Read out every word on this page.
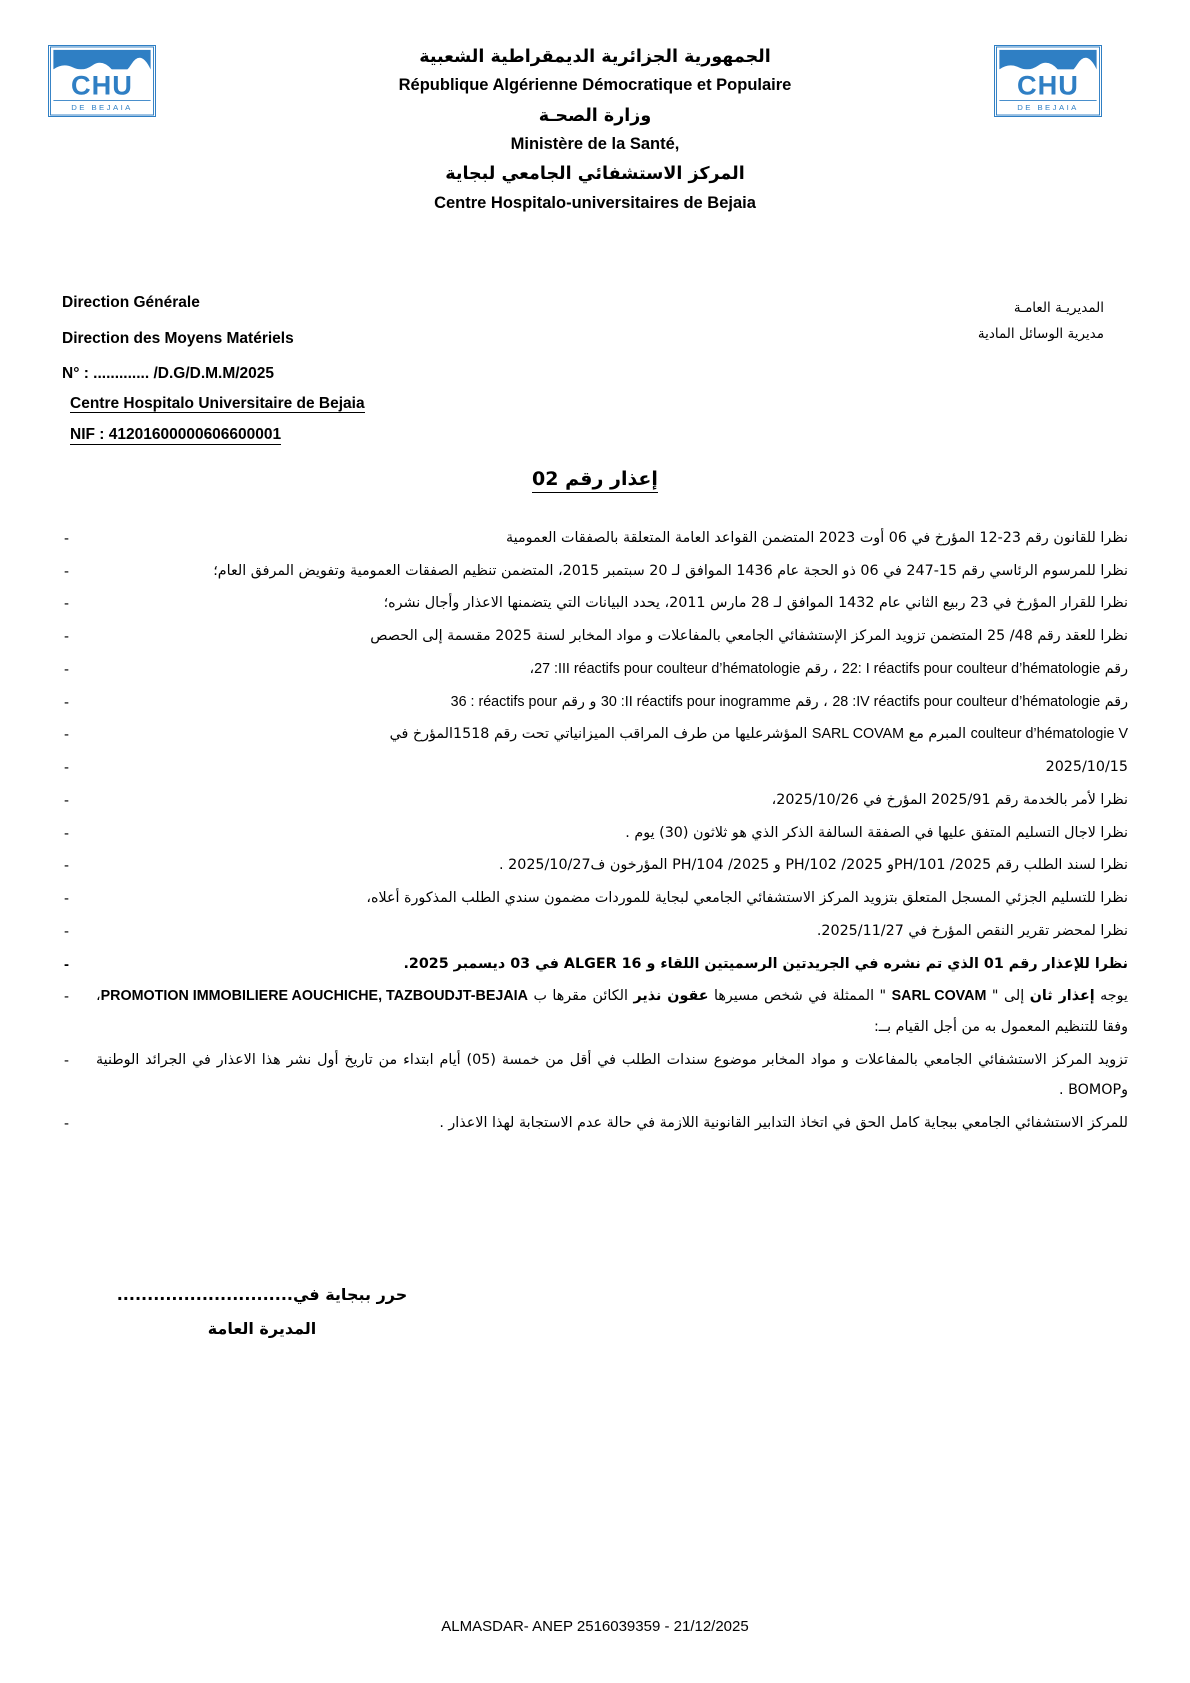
CHU
DE BEJAIA
CHU
DE BEJAIA
الجمهورية الجزائرية الديمقراطية الشعبية
République Algérienne Démocratique et Populaire
وزارة الصحـة
Ministère de la Santé,
المركز الاستشفائي الجامعي لبجاية
Centre Hospitalo-universitaires de Bejaia
Direction Générale
Direction des Moyens Matériels
N° : ............. /D.G/D.M.M/2025
Centre Hospitalo Universitaire de Bejaia
NIF : 41201600000606600001
المديريـة العامـة
مديرية الوسائل المادية
إعذار رقم 02
نظرا للقانون رقم 23-12 المؤرخ في 06 أوت 2023 المتضمن القواعد العامة المتعلقة بالصفقات العمومية -
نظرا للمرسوم الرئاسي رقم 15-247 في 06 ذو الحجة عام 1436 الموافق لـ 20 سبتمبر 2015، المتضمن تنظيم الصفقات العمومية وتفويض المرفق العام؛ -
نظرا للقرار المؤرخ في 23 ربيع الثاني عام 1432 الموافق لـ 28 مارس 2011، يحدد البيانات التي يتضمنها الاعذار وأجال نشره؛ -
نظرا للعقد رقم 48/ 25 المتضمن تزويد المركز الإستشفائي الجامعي بالمفاعلات و مواد المخابر لسنة 2025 مقسمة إلى الحصص -
رقم 22: I réactifs pour coulteur d’hématologie ، رقم 27 :III réactifs pour coulteur d’hématologie، -
رقم 28 :IV réactifs pour coulteur d’hématologie ، رقم 30 :II réactifs pour inogramme و رقم 36 : réactifs pour -
coulteur d’hématologie V المبرم مع SARL COVAM المؤشرعليها من طرف المراقب الميزانياتي تحت رقم 1518المؤرخ في -
2025/10/15 -
نظرا لأمر بالخدمة رقم 2025/91 المؤرخ في 2025/10/26، -
نظرا لاجال التسليم المتفق عليها في الصفقة السالفة الذكر الذي هو ثلاثون (30) يوم . -
نظرا لسند الطلب رقم PH/101 /2025و PH/102 /2025 و PH/104 /2025 المؤرخون ف2025/10/27 . -
نظرا للتسليم الجزئي المسجل المتعلق بتزويد المركز الاستشفائي الجامعي لبجاية للموردات مضمون سندي الطلب المذكورة أعلاه، -
نظرا لمحضر تقرير النقص المؤرخ في 2025/11/27. -
نظرا للإعذار رقم 01 الذي تم نشره في الجريدتين الرسميتين اللقاء و ALGER 16 في 03 ديسمبر 2025. -
يوجه إعذار ثان إلى " SARL COVAM " الممثلة في شخص مسيرها عقون نذير الكائن مقرها ب PROMOTION IMMOBILIERE AOUCHICHE, TAZBOUDJT-BEJAIA، وفقا للتنظيم المعمول به من أجل القيام بــ: -
تزويد المركز الاستشفائي الجامعي بالمفاعلات و مواد المخابر موضوع سندات الطلب في أقل من خمسة (05) أيام ابتداء من تاريخ أول نشر هذا الاعذار في الجرائد الوطنية وBOMOP . -
للمركز الاستشفائي الجامعي ببجاية كامل الحق في اتخاذ التدابير القانونية اللازمة في حالة عدم الاستجابة لهذا الاعذار . -
حرر ببجاية في.............................
المديرة العامة
ALMASDAR- ANEP 2516039359 - 21/12/2025
